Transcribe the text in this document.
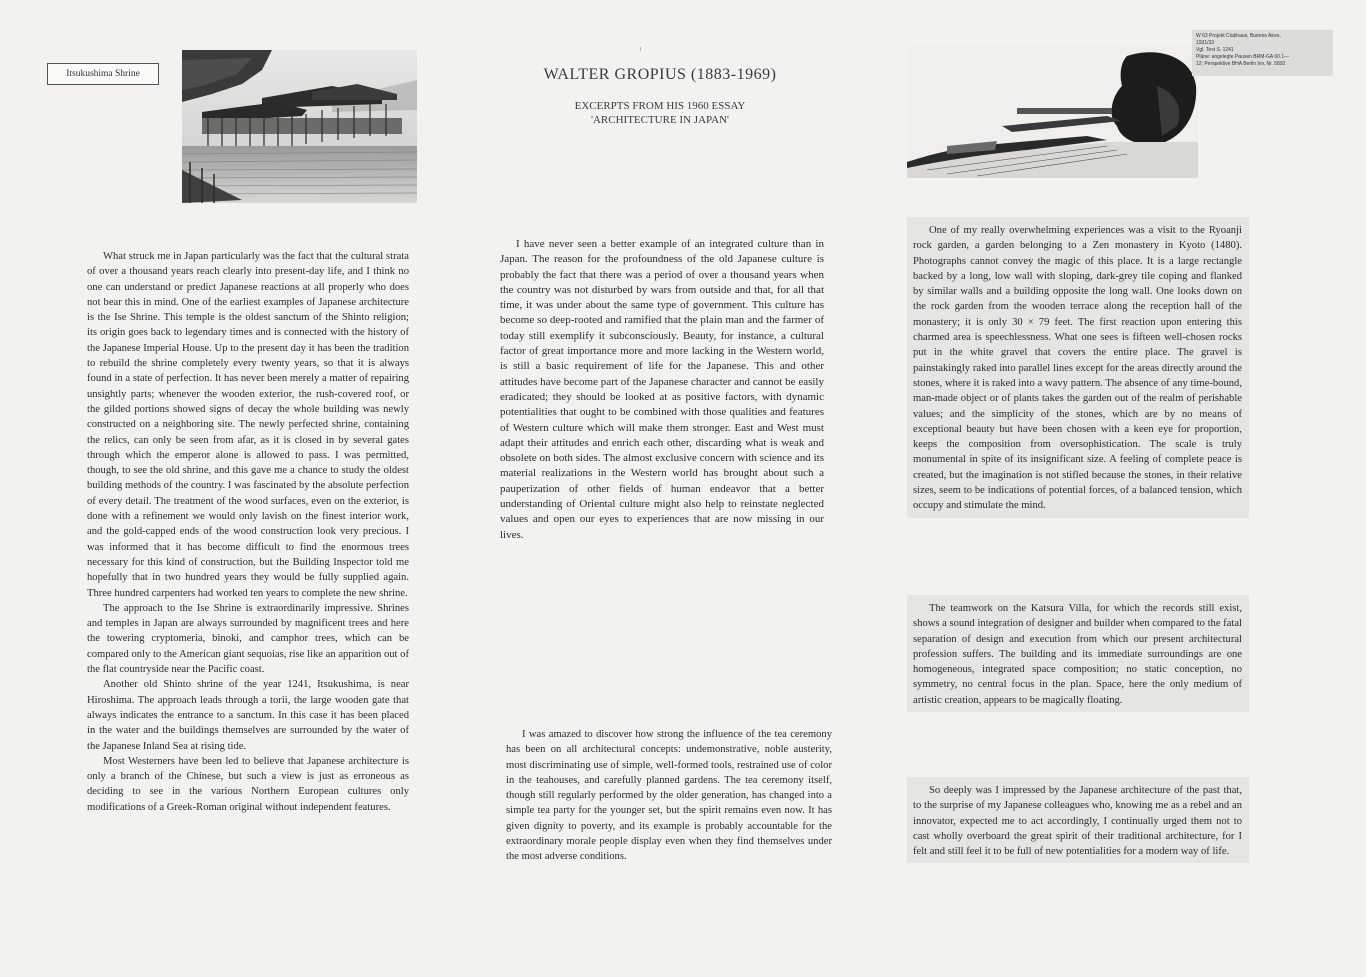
Itsukushima Shrine
W 63 Projekt Clubhaus, Buenos Aires,
1931/33
Vgl. Text S. 1241
Pläne: angelegte Pausen BRM-GA 60.1—
12; Perspektive BHA Berlin Inv. Nr. 5892
WALTER GROPIUS (1883-1969)
EXCERPTS FROM HIS 1960 ESSAY
'ARCHITECTURE IN JAPAN'

What struck me in Japan particularly was the fact that the cultural strata of over a thousand years reach clearly into present-day life, and I think no one can understand or predict Japanese reactions at all properly who does not bear this in mind. One of the earliest examples of Japanese architecture is the Ise Shrine. This temple is the oldest sanctum of the Shinto religion; its origin goes back to legendary times and is connected with the history of the Japanese Imperial House. Up to the present day it has been the tradition to rebuild the shrine completely every twenty years, so that it is always found in a state of perfection. It has never been merely a matter of repairing unsightly parts; whenever the wooden exterior, the rush-covered roof, or the gilded portions showed signs of decay the whole building was newly constructed on a neighboring site. The newly perfected shrine, containing the relics, can only be seen from afar, as it is closed in by several gates through which the emperor alone is allowed to pass. I was permitted, though, to see the old shrine, and this gave me a chance to study the oldest building methods of the country. I was fascinated by the absolute perfection of every detail. The treatment of the wood surfaces, even on the exterior, is done with a refinement we would only lavish on the finest interior work, and the gold-capped ends of the wood construction look very precious. I was informed that it has become difficult to find the enormous trees necessary for this kind of construction, but the Building Inspector told me hopefully that in two hundred years they would be fully supplied again. Three hundred carpenters had worked ten years to complete the new shrine.

The approach to the Ise Shrine is extraordinarily impressive. Shrines and temples in Japan are always surrounded by magnificent trees and here the towering cryptomeria, binoki, and camphor trees, which can be compared only to the American giant sequoias, rise like an apparition out of the flat countryside near the Pacific coast.

Another old Shinto shrine of the year 1241, Itsukushima, is near Hiroshima. The approach leads through a torii, the large wooden gate that always indicates the entrance to a sanctum. In this case it has been placed in the water and the buildings themselves are surrounded by the water of the Japanese Inland Sea at rising tide.

Most Westerners have been led to believe that Japanese architecture is only a branch of the Chinese, but such a view is just as erroneous as deciding to see in the various Northern European cultures only modifications of a Greek-Roman original without independent features.

I have never seen a better example of an integrated culture than in Japan. The reason for the profoundness of the old Japanese culture is probably the fact that there was a period of over a thousand years when the country was not disturbed by wars from outside and that, for all that time, it was under about the same type of government. This culture has become so deep-rooted and ramified that the plain man and the farmer of today still exemplify it subconsciously. Beauty, for instance, a cultural factor of great importance more and more lacking in the Western world, is still a basic requirement of life for the Japanese. This and other attitudes have become part of the Japanese character and cannot be easily eradicated; they should be looked at as positive factors, with dynamic potentialities that ought to be combined with those qualities and features of Western culture which will make them stronger. East and West must adapt their attitudes and enrich each other, discarding what is weak and obsolete on both sides. The almost exclusive concern with science and its material realizations in the Western world has brought about such a pauperization of other fields of human endeavor that a better understanding of Oriental culture might also help to reinstate neglected values and open our eyes to experiences that are now missing in our lives.

I was amazed to discover how strong the influence of the tea ceremony has been on all architectural concepts: undemonstrative, noble austerity, most discriminating use of simple, well-formed tools, restrained use of color in the teahouses, and carefully planned gardens. The tea ceremony itself, though still regularly performed by the older generation, has changed into a simple tea party for the younger set, but the spirit remains even now. It has given dignity to poverty, and its example is probably accountable for the extraordinary morale people display even when they find themselves under the most adverse conditions.

One of my really overwhelming experiences was a visit to the Ryoanji rock garden, a garden belonging to a Zen monastery in Kyoto (1480). Photographs cannot convey the magic of this place. It is a large rectangle backed by a long, low wall with sloping, dark-grey tile coping and flanked by similar walls and a building opposite the long wall. One looks down on the rock garden from the wooden terrace along the reception hall of the monastery; it is only 30 × 79 feet. The first reaction upon entering this charmed area is speechlessness. What one sees is fifteen well-chosen rocks put in the white gravel that covers the entire place. The gravel is painstakingly raked into parallel lines except for the areas directly around the stones, where it is raked into a wavy pattern. The absence of any time-bound, man-made object or of plants takes the garden out of the realm of perishable values; and the simplicity of the stones, which are by no means of exceptional beauty but have been chosen with a keen eye for proportion, keeps the composition from oversophistication. The scale is truly monumental in spite of its insignificant size. A feeling of complete peace is created, but the imagination is not stifled because the stones, in their relative sizes, seem to be indications of potential forces, of a balanced tension, which occupy and stimulate the mind.

The teamwork on the Katsura Villa, for which the records still exist, shows a sound integration of designer and builder when compared to the fatal separation of design and execution from which our present architectural profession suffers. The building and its immediate surroundings are one homogeneous, integrated space composition; no static conception, no symmetry, no central focus in the plan. Space, here the only medium of artistic creation, appears to be magically floating.

So deeply was I impressed by the Japanese architecture of the past that, to the surprise of my Japanese colleagues who, knowing me as a rebel and an innovator, expected me to act accordingly, I continually urged them not to cast wholly overboard the great spirit of their traditional architecture, for I felt and still feel it to be full of new potentialities for a modern way of life.
